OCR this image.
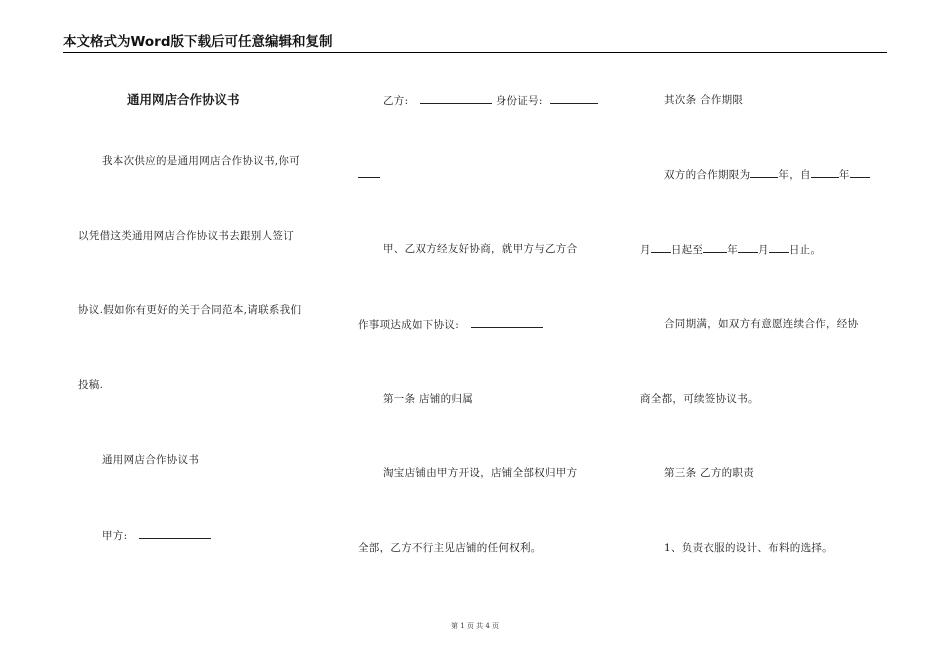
本文格式为Word版下载后可任意编辑和复制
通用网店合作协议书
我本次供应的是通用网店合作协议书,你可
以凭借这类通用网店合作协议书去跟别人签订
协议.假如你有更好的关于合同范本,请联系我们
投稿.
通用网店合作协议书
甲方:
乙方:	身份证号:
甲、乙双方经友好协商，就甲方与乙方合
作事项达成如下协议:
第一条 店铺的归属
淘宝店铺由甲方开设，店铺全部权归甲方
全部，乙方不行主见店铺的任何权利。
其次条 合作期限
双方的合作期限为	年，自	年
月 日起至 年 月 日止。
合同期满，如双方有意愿连续合作，经协
商全都，可续签协议书。
第三条 乙方的职责
1、负责衣服的设计、布料的选择。
第 1 页 共 4 页
